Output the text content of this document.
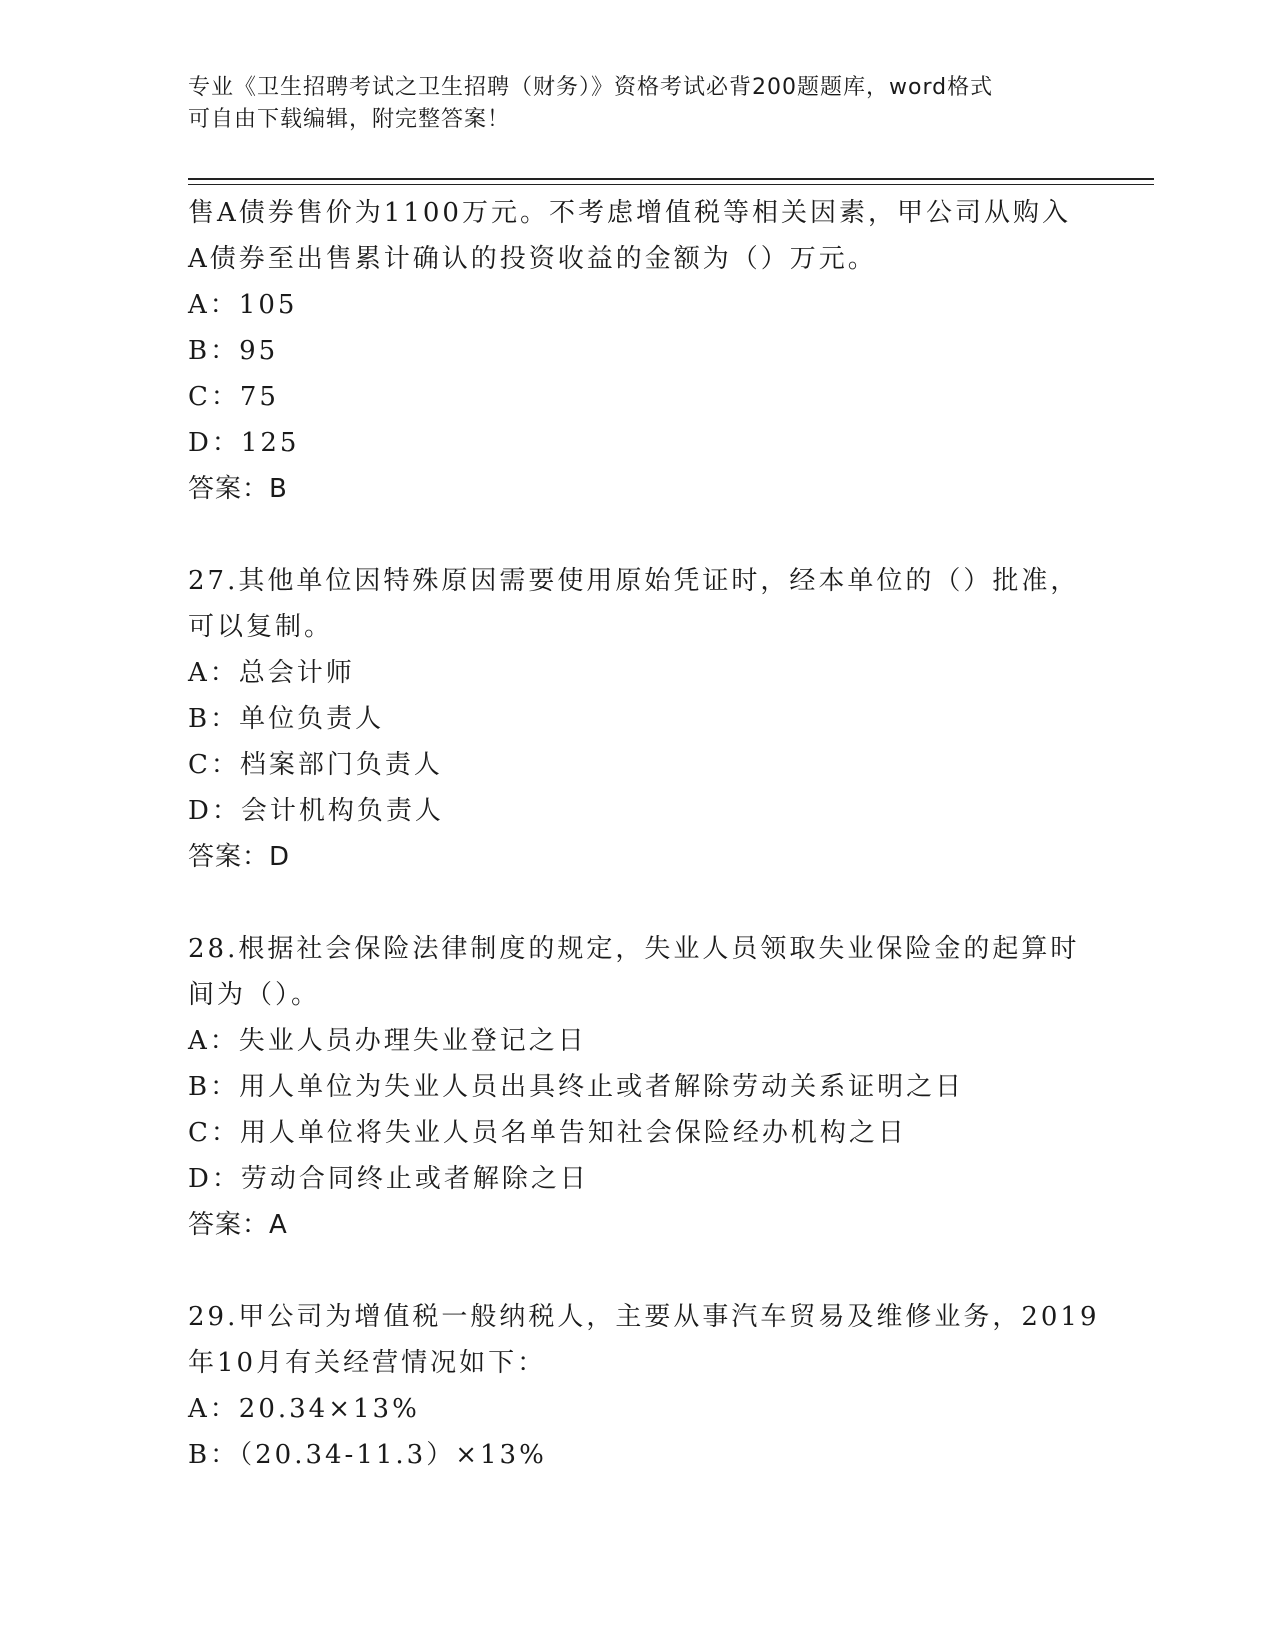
专业《卫生招聘考试之卫生招聘（财务）》资格考试必背200题题库，word格式
可自由下载编辑，附完整答案！
售A债券售价为1100万元。不考虑增值税等相关因素，甲公司从购入
A债券至出售累计确认的投资收益的金额为（）万元。
A：105
B：95
C：75
D：125
答案：B
27.其他单位因特殊原因需要使用原始凭证时，经本单位的（）批准，
可以复制。
A：总会计师
B：单位负责人
C：档案部门负责人
D：会计机构负责人
答案：D
28.根据社会保险法律制度的规定，失业人员领取失业保险金的起算时
间为（）。
A：失业人员办理失业登记之日
B：用人单位为失业人员出具终止或者解除劳动关系证明之日
C：用人单位将失业人员名单告知社会保险经办机构之日
D：劳动合同终止或者解除之日
答案：A
29.甲公司为增值税一般纳税人，主要从事汽车贸易及维修业务，2019
年10月有关经营情况如下：
A：20.34×13%
B：（20.34-11.3）×13%
